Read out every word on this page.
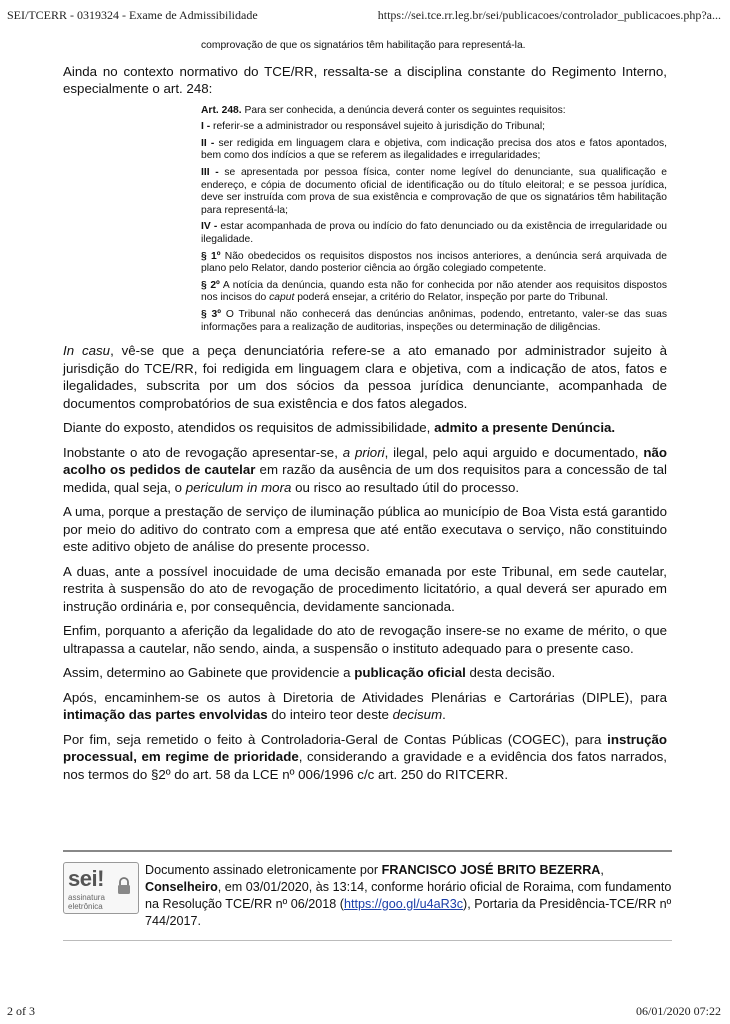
SEI/TCERR - 0319324 - Exame de Admissibilidade	https://sei.tce.rr.leg.br/sei/publicacoes/controlador_publicacoes.php?a...
comprovação de que os signatários têm habilitação para representá-la.

Ainda no contexto normativo do TCE/RR, ressalta-se a disciplina constante do Regimento Interno, especialmente o art. 248:

Art. 248. Para ser conhecida, a denúncia deverá conter os seguintes requisitos:

I - referir-se a administrador ou responsável sujeito à jurisdição do Tribunal;

II - ser redigida em linguagem clara e objetiva, com indicação precisa dos atos e fatos apontados, bem como dos indícios a que se referem as ilegalidades e irregularidades;

III - se apresentada por pessoa física, conter nome legível do denunciante, sua qualificação e endereço, e cópia de documento oficial de identificação ou do título eleitoral; e se pessoa jurídica, deve ser instruída com prova de sua existência e comprovação de que os signatários têm habilitação para representá-la;

IV - estar acompanhada de prova ou indício do fato denunciado ou da existência de irregularidade ou ilegalidade.

§ 1º Não obedecidos os requisitos dispostos nos incisos anteriores, a denúncia será arquivada de plano pelo Relator, dando posterior ciência ao órgão colegiado competente.

§ 2º A notícia da denúncia, quando esta não for conhecida por não atender aos requisitos dispostos nos incisos do caput poderá ensejar, a critério do Relator, inspeção por parte do Tribunal.

§ 3º O Tribunal não conhecerá das denúncias anônimas, podendo, entretanto, valer-se das suas informações para a realização de auditorias, inspeções ou determinação de diligências.

In casu, vê-se que a peça denunciatória refere-se a ato emanado por administrador sujeito à jurisdição do TCE/RR, foi redigida em linguagem clara e objetiva, com a indicação de atos, fatos e ilegalidades, subscrita por um dos sócios da pessoa jurídica denunciante, acompanhada de documentos comprobatórios de sua existência e dos fatos alegados.

Diante do exposto, atendidos os requisitos de admissibilidade, admito a presente Denúncia.

Inobstante o ato de revogação apresentar-se, a priori, ilegal, pelo aqui arguido e documentado, não acolho os pedidos de cautelar em razão da ausência de um dos requisitos para a concessão de tal medida, qual seja, o periculum in mora ou risco ao resultado útil do processo.

A uma, porque a prestação de serviço de iluminação pública ao município de Boa Vista está garantido por meio do aditivo do contrato com a empresa que até então executava o serviço, não constituindo este aditivo objeto de análise do presente processo.

A duas, ante a possível inocuidade de uma decisão emanada por este Tribunal, em sede cautelar, restrita à suspensão do ato de revogação de procedimento licitatório, a qual deverá ser apurado em instrução ordinária e, por consequência, devidamente sancionada.

Enfim, porquanto a aferição da legalidade do ato de revogação insere-se no exame de mérito, o que ultrapassa a cautelar, não sendo, ainda, a suspensão o instituto adequado para o presente caso.

Assim, determino ao Gabinete que providencie a publicação oficial desta decisão.

Após, encaminhem-se os autos à Diretoria de Atividades Plenárias e Cartorárias (DIPLE), para intimação das partes envolvidas do inteiro teor deste decisum.

Por fim, seja remetido o feito à Controladoria-Geral de Contas Públicas (COGEC), para instrução processual, em regime de prioridade, considerando a gravidade e a evidência dos fatos narrados, nos termos do §2º do art. 58 da LCE nº 006/1996 c/c art. 250 do RITCERR.

sei!
assinatura
eletrônica
Documento assinado eletronicamente por FRANCISCO JOSÉ BRITO BEZERRA, Conselheiro, em 03/01/2020, às 13:14, conforme horário oficial de Roraima, com fundamento na Resolução TCE/RR nº 06/2018 (https://goo.gl/u4aR3c), Portaria da Presidência-TCE/RR nº 744/2017.
2 of 3	06/01/2020 07:22
